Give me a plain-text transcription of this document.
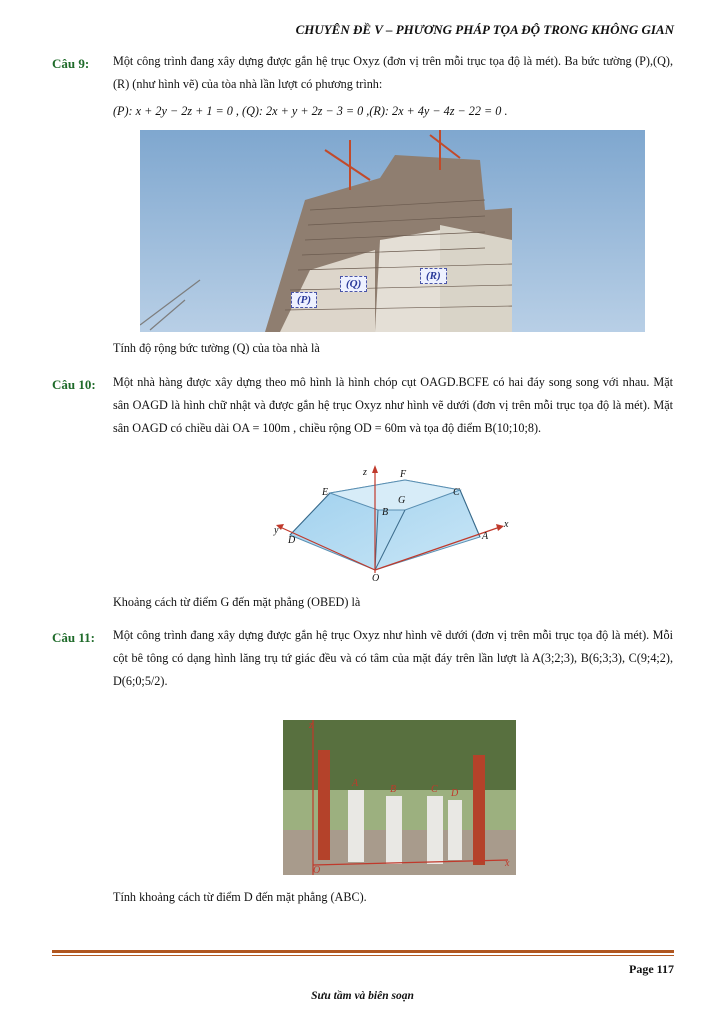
CHUYÊN ĐỀ V – PHƯƠNG PHÁP TỌA ĐỘ TRONG KHÔNG GIAN
Câu 9: Một công trình đang xây dựng được gắn hệ trục Oxyz (đơn vị trên mỗi trục tọa độ là mét). Ba bức tường (P),(Q),(R) (như hình vẽ) của tòa nhà lần lượt có phương trình:
(P): x + 2y − 2z + 1 = 0 , (Q): 2x + y + 2z − 3 = 0 ,(R): 2x + 4y − 4z − 22 = 0 .
(P)
(Q)
(R)
Tính độ rộng bức tường (Q) của tòa nhà là
Câu 10: Một nhà hàng được xây dựng theo mô hình là hình chóp cụt OAGD.BCFE có hai đáy song song với nhau. Mặt sân OAGD là hình chữ nhật và được gắn hệ trục Oxyz như hình vẽ dưới (đơn vị trên mỗi trục tọa độ là mét). Mặt sân OAGD có chiều dài OA = 100m , chiều rộng OD = 60m và tọa độ điểm B(10;10;8).
z
y
x
O
A
D
E
F
C
G
B
Khoảng cách từ điểm G đến mặt phẳng (OBED) là
Câu 11: Một công trình đang xây dựng được gắn hệ trục Oxyz như hình vẽ dưới (đơn vị trên mỗi trục tọa độ là mét). Mỗi cột bê tông có dạng hình lăng trụ tứ giác đều và có tâm của mặt đáy trên lần lượt là A(3;2;3), B(6;3;3), C(9;4;2), D(6;0;5/2).
z
x
O
A
B	C D
Tính khoảng cách từ điểm D đến mặt phẳng (ABC).
Page 117
Sưu tầm và biên soạn
